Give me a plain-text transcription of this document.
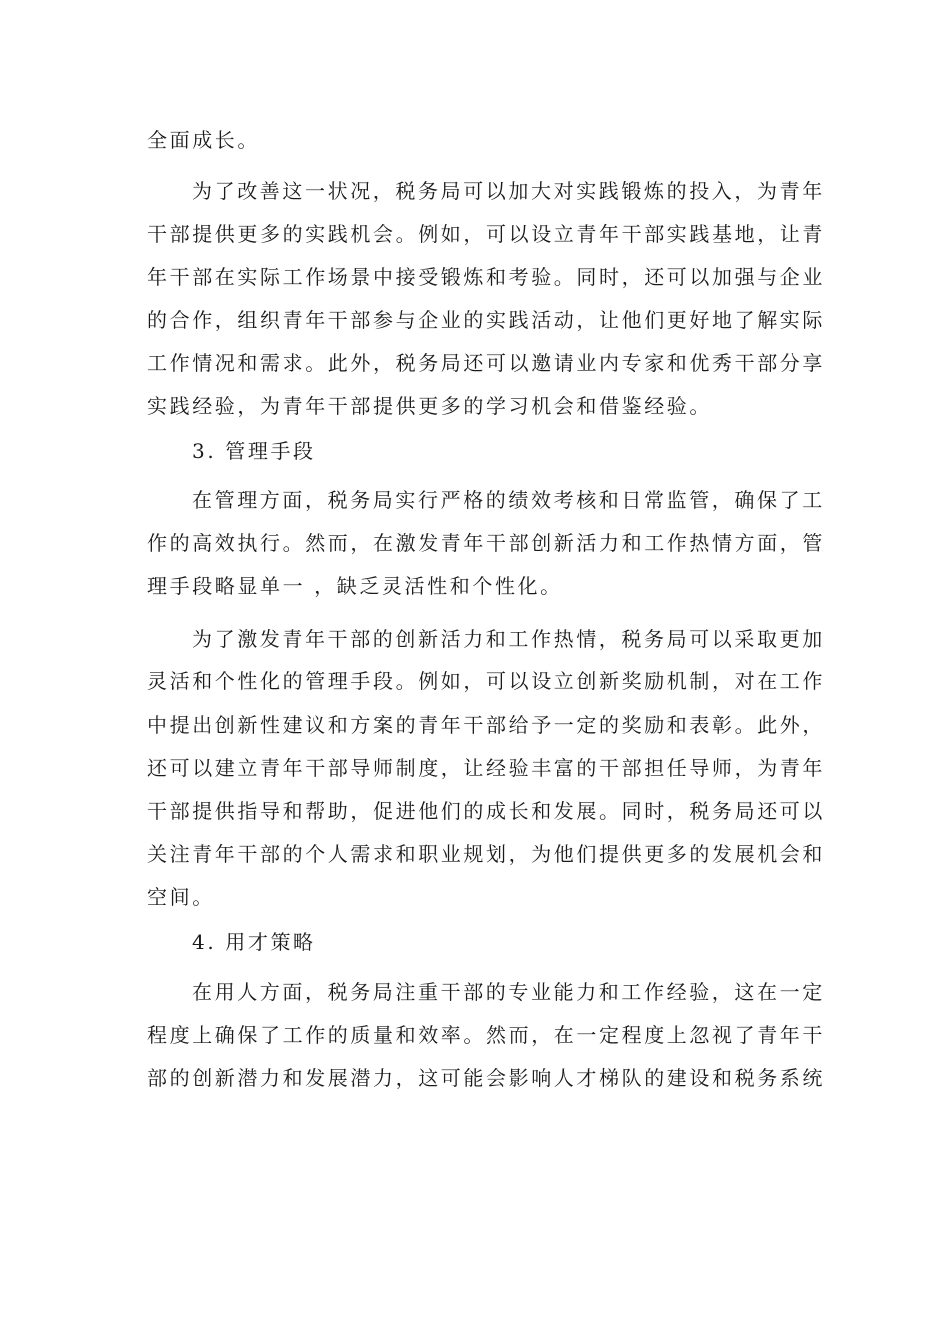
全面成长。
为了改善这一状况，税务局可以加大对实践锻炼的投入，为青年
干部提供更多的实践机会。例如，可以设立青年干部实践基地，让青
年干部在实际工作场景中接受锻炼和考验。同时，还可以加强与企业
的合作，组织青年干部参与企业的实践活动，让他们更好地了解实际
工作情况和需求。此外，税务局还可以邀请业内专家和优秀干部分享
实践经验，为青年干部提供更多的学习机会和借鉴经验。
3. 管理手段
在管理方面，税务局实行严格的绩效考核和日常监管，确保了工
作的高效执行。然而，在激发青年干部创新活力和工作热情方面，管
理手段略显单一 ，缺乏灵活性和个性化。
为了激发青年干部的创新活力和工作热情，税务局可以采取更加
灵活和个性化的管理手段。例如，可以设立创新奖励机制，对在工作
中提出创新性建议和方案的青年干部给予一定的奖励和表彰。此外，
还可以建立青年干部导师制度，让经验丰富的干部担任导师，为青年
干部提供指导和帮助，促进他们的成长和发展。同时，税务局还可以
关注青年干部的个人需求和职业规划，为他们提供更多的发展机会和
空间。
4. 用才策略
在用人方面，税务局注重干部的专业能力和工作经验，这在一定
程度上确保了工作的质量和效率。然而，在一定程度上忽视了青年干
部的创新潜力和发展潜力，这可能会影响人才梯队的建设和税务系统
